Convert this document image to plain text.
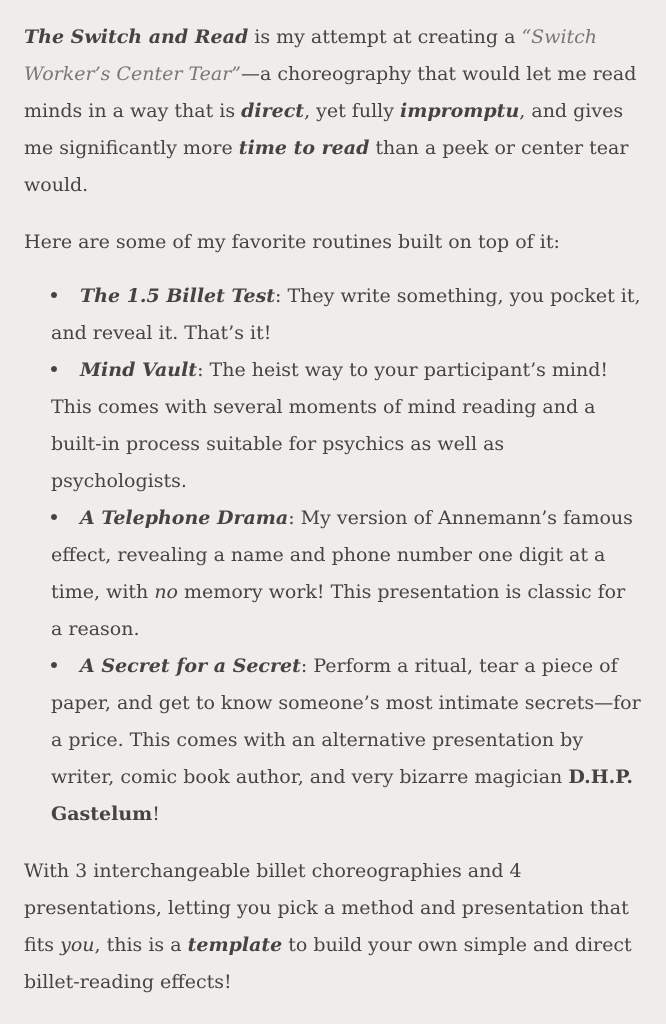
The Switch and Read is my attempt at creating a “Switch Worker’s Center Tear”—a choreography that would let me read minds in a way that is direct, yet fully impromptu, and gives me significantly more time to read than a peek or center tear would.

Here are some of my favorite routines built on top of it:

The 1.5 Billet Test: They write something, you pocket it, and reveal it. That’s it!
Mind Vault: The heist way to your participant’s mind! This comes with several moments of mind reading and a built-in process suitable for psychics as well as psychologists.
A Telephone Drama: My version of Annemann’s famous effect, revealing a name and phone number one digit at a time, with no memory work! This presentation is classic for a reason.
A Secret for a Secret: Perform a ritual, tear a piece of paper, and get to know someone’s most intimate secrets—for a price. This comes with an alternative presentation by writer, comic book author, and very bizarre magician D.H.P. Gastelum!

With 3 interchangeable billet choreographies and 4 presentations, letting you pick a method and presentation that fits you, this is a template to build your own simple and direct billet-reading effects!
